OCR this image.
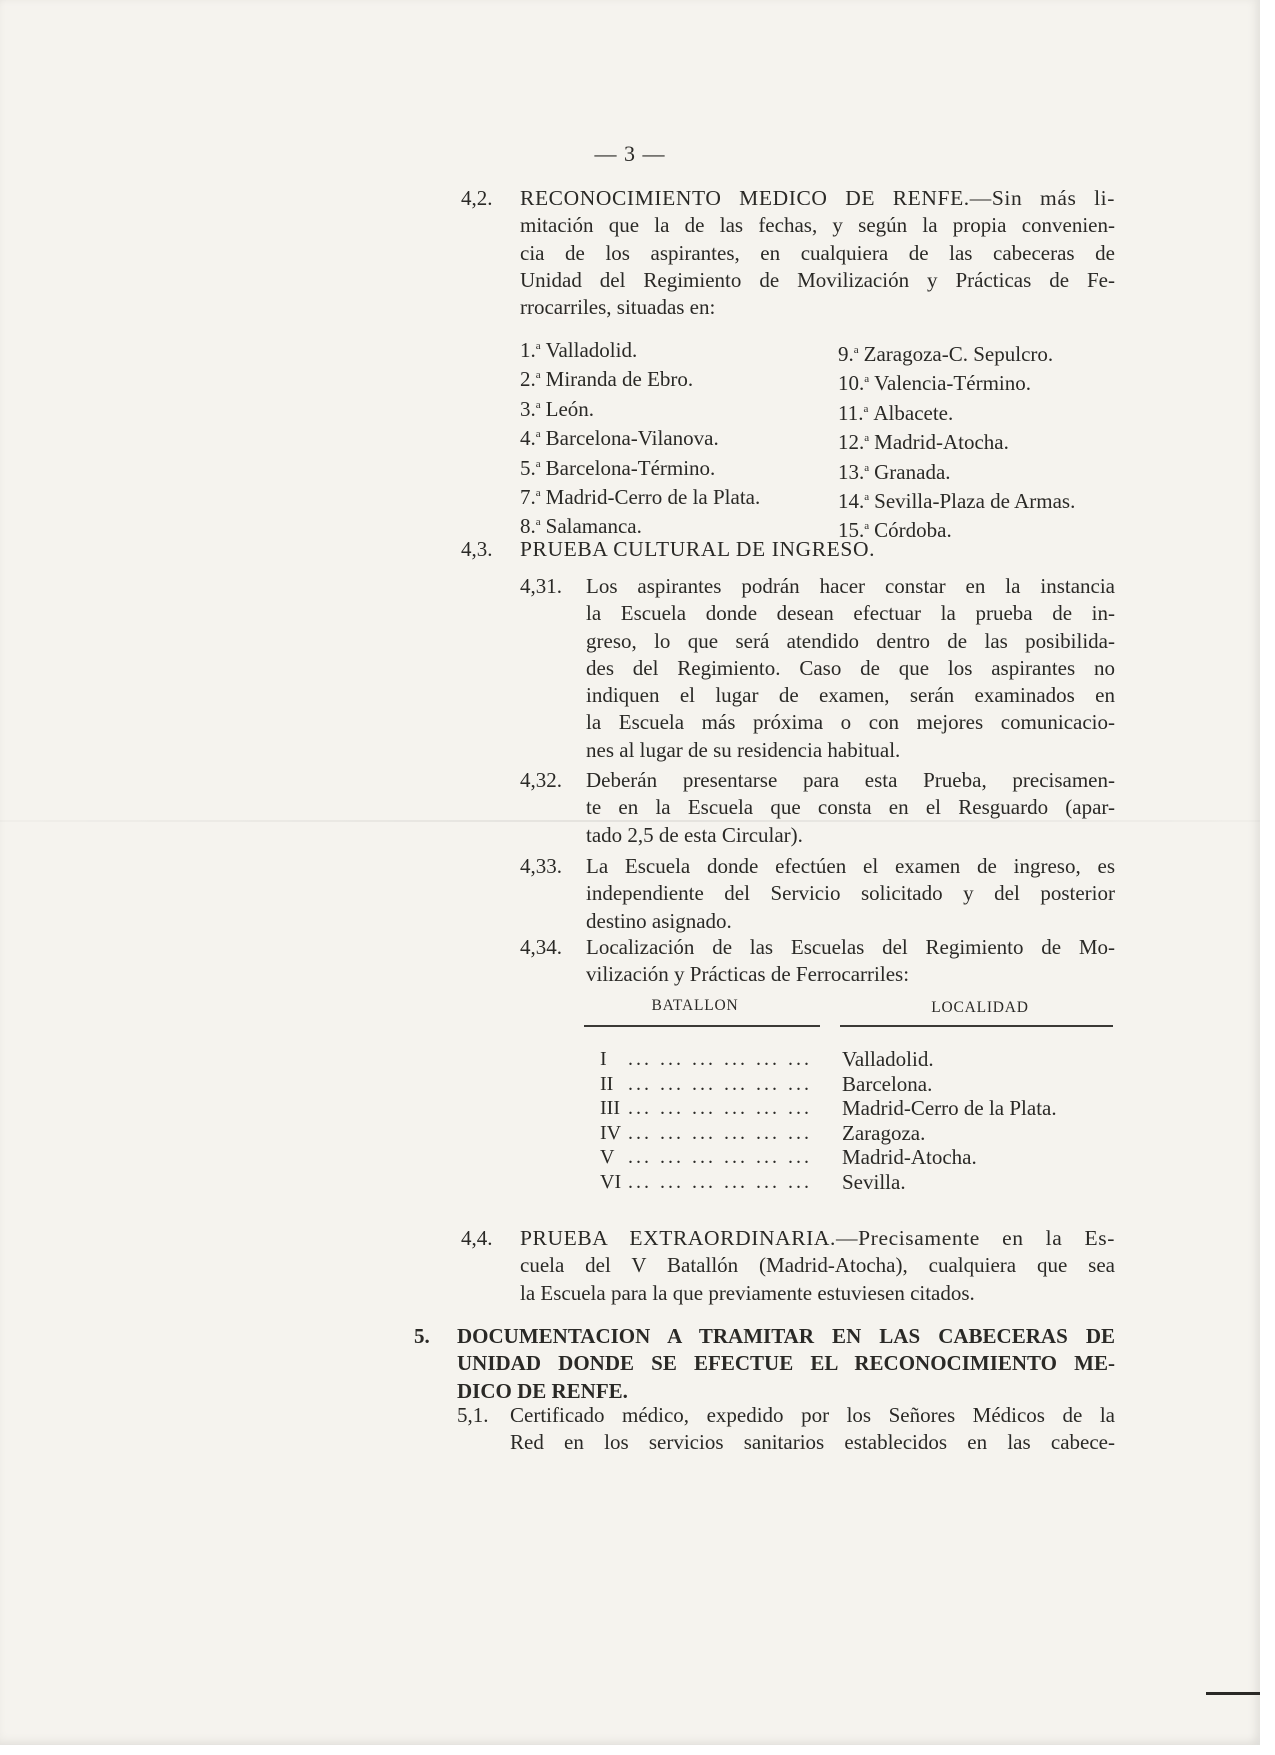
— 3 —
4,2. RECONOCIMIENTO MEDICO DE RENFE.—Sin más li-
mitación que la de las fechas, y según la propia convenien-
cia de los aspirantes, en cualquiera de las cabeceras de
Unidad del Regimiento de Movilización y Prácticas de Fe-
rrocarriles, situadas en:
1.$^a$ Valladolid.
2.$^a$ Miranda de Ebro.
3.$^a$ León.
4.$^a$ Barcelona-Vilanova.
5.$^a$ Barcelona-Término.
7.$^a$ Madrid-Cerro de la Plata.
8.$^a$ Salamanca.
9.$^a$ Zaragoza-C. Sepulcro.
10.$^a$ Valencia-Término.
11.$^a$ Albacete.
12.$^a$ Madrid-Atocha.
13.$^a$ Granada.
14.$^a$ Sevilla-Plaza de Armas.
15.$^a$ Córdoba.
4,3. PRUEBA CULTURAL DE INGRESO.
4,31. Los aspirantes podrán hacer constar en la instancia
la Escuela donde desean efectuar la prueba de in-
greso, lo que será atendido dentro de las posibilida-
des del Regimiento. Caso de que los aspirantes no
indiquen el lugar de examen, serán examinados en
la Escuela más próxima o con mejores comunicacio-
nes al lugar de su residencia habitual.
4,32. Deberán presentarse para esta Prueba, precisamen-
te en la Escuela que consta en el Resguardo (apar-
tado 2,5 de esta Circular).
4,33. La Escuela donde efectúen el examen de ingreso, es
independiente del Servicio solicitado y del posterior
destino asignado.
4,34. Localización de las Escuelas del Regimiento de Mo-
vilización y Prácticas de Ferrocarriles:
BATALLON	LOCALIDAD
I ... ... ... ... ... ...
II ... ... ... ... ... ...
III ... ... ... ... ... ...
IV ... ... ... ... ... ...
V ... ... ... ... ... ...
VI ... ... ... ... ... ...
Valladolid.
Barcelona.
Madrid-Cerro de la Plata.
Zaragoza.
Madrid-Atocha.
Sevilla.
4,4. PRUEBA EXTRAORDINARIA.—Precisamente en la Es-
cuela del V Batallón (Madrid-Atocha), cualquiera que sea
la Escuela para la que previamente estuviesen citados.
5. DOCUMENTACION A TRAMITAR EN LAS CABECERAS DE
UNIDAD DONDE SE EFECTUE EL RECONOCIMIENTO ME-
DICO DE RENFE.
5,1. Certificado médico, expedido por los Señores Médicos de la
Red en los servicios sanitarios establecidos en las cabece-
